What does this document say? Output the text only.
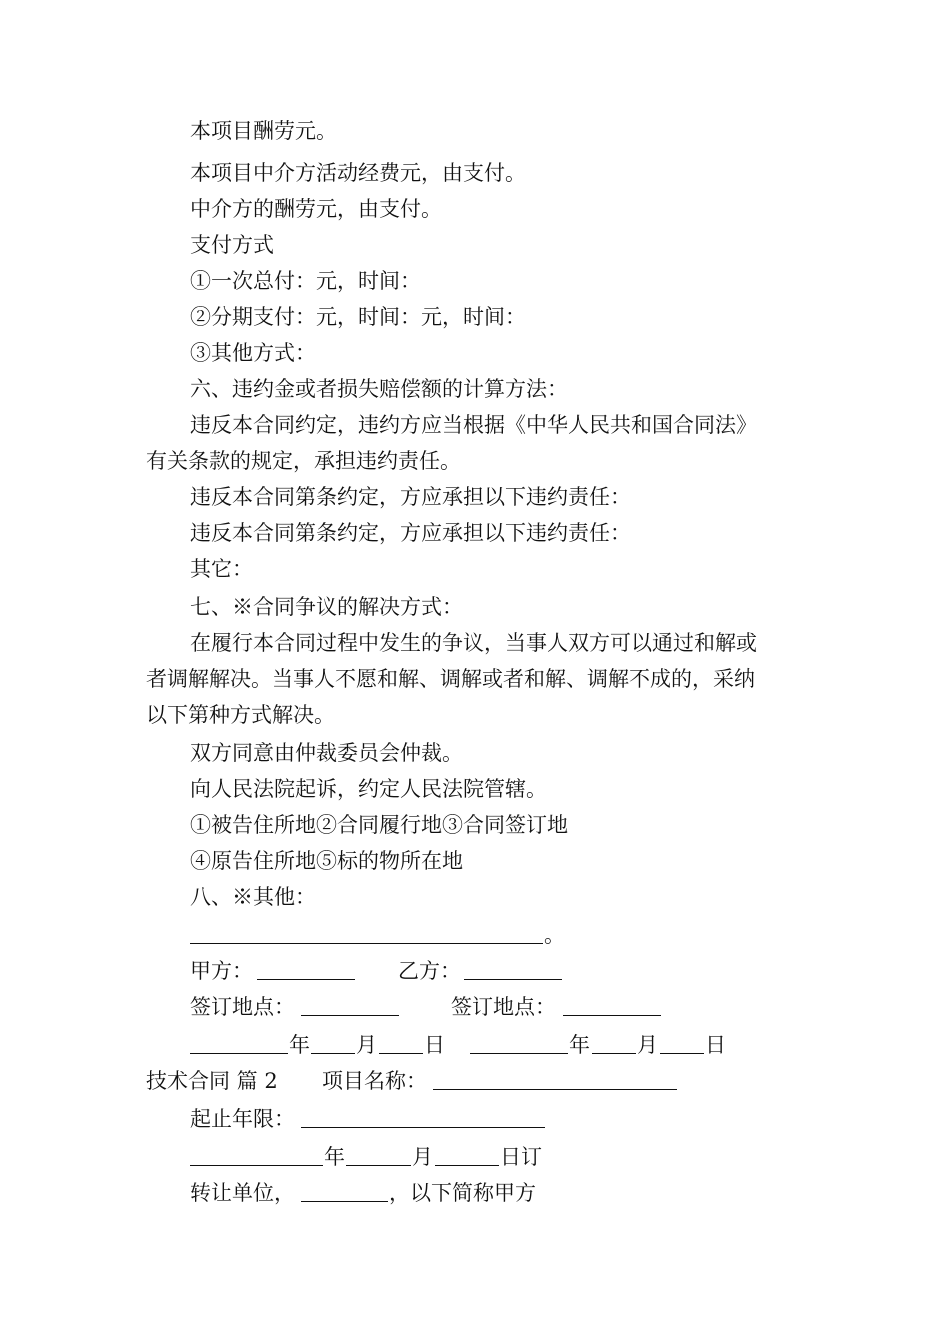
本项目酬劳元。
本项目中介方活动经费元，由支付。
中介方的酬劳元，由支付。
支付方式
①一次总付：元，时间：
②分期支付：元，时间：元，时间：
③其他方式：
六、违约金或者损失赔偿额的计算方法：
违反本合同约定，违约方应当根据《中华人民共和国合同法》
有关条款的规定，承担违约责任。
违反本合同第条约定，方应承担以下违约责任：
违反本合同第条约定，方应承担以下违约责任：
其它：
七、※合同争议的解决方式：
在履行本合同过程中发生的争议，当事人双方可以通过和解或
者调解解决。当事人不愿和解、调解或者和解、调解不成的，采纳
以下第种方式解决。
双方同意由仲裁委员会仲裁。
向人民法院起诉，约定人民法院管辖。
①被告住所地②合同履行地③合同签订地
④原告住所地⑤标的物所在地
八、※其他：
。
甲方：	乙方：
签订地点：	签订地点：
年 月 日	年 月 日
技术合同 篇 2 项目名称：
起止年限：
年	月	日订
转让单位，	，以下简称甲方
